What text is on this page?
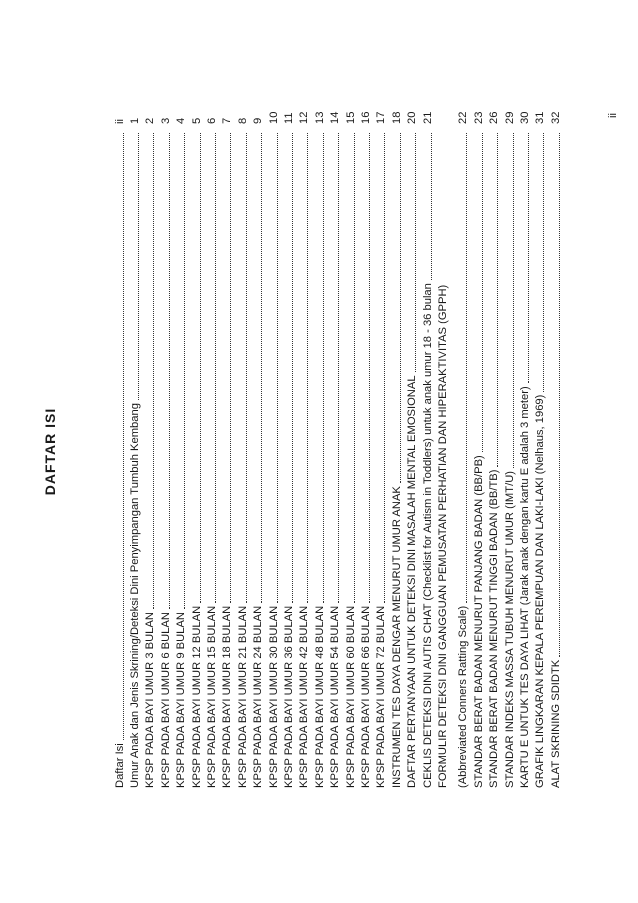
DAFTAR ISI
Daftar Isi
ii
Umur Anak dan Jenis Skrining/Deteksi Dini Penyimpangan Tumbuh Kembang
1
KPSP PADA BAYI UMUR 3 BULAN
2
KPSP PADA BAYI UMUR 6 BULAN
3
KPSP PADA BAYI UMUR 9 BULAN
4
KPSP PADA BAYI UMUR 12 BULAN
5
KPSP PADA BAYI UMUR 15 BULAN
6
KPSP PADA BAYI UMUR 18 BULAN
7
KPSP PADA BAYI UMUR 21 BULAN
8
KPSP PADA BAYI UMUR 24 BULAN
9
KPSP PADA BAYI UMUR 30 BULAN
10
KPSP PADA BAYI UMUR 36 BULAN
11
KPSP PADA BAYI UMUR 42 BULAN
12
KPSP PADA BAYI UMUR 48 BULAN
13
KPSP PADA BAYI UMUR 54 BULAN
14
KPSP PADA BAYI UMUR 60 BULAN
15
KPSP PADA BAYI UMUR 66 BULAN
16
KPSP PADA BAYI UMUR 72 BULAN
17
INSTRUMEN TES DAYA DENGAR MENURUT UMUR ANAK
18
DAFTAR PERTANYAAN UNTUK DETEKSI DINI MASALAH MENTAL EMOSIONAL
20
CEKLIS DETEKSI DINI AUTIS CHAT (Checklist for Autism in Toddlers) untuk anak umur 18 - 36 bulan
21
FORMULIR DETEKSI DINI GANGGUAN PEMUSATAN PERHATIAN DAN HIPERAKTIVITAS (GPPH) (Abbreviated Conners Ratting Scale)
22
STANDAR BERAT BADAN MENURUT PANJANG BADAN (BB/PB)
23
STANDAR BERAT BADAN MENURUT TINGGI BADAN (BB/TB)
26
STANDAR INDEKS MASSA TUBUH MENURUT UMUR (IMT/U)
29
KARTU E UNTUK TES DAYA LIHAT (Jarak anak dengan kartu E adalah 3 meter)
30
GRAFIK LINGKARAN KEPALA PEREMPUAN DAN LAKI-LAKI (Nelhaus, 1969)
31
ALAT SKRINING SDIDTK
32	ii
